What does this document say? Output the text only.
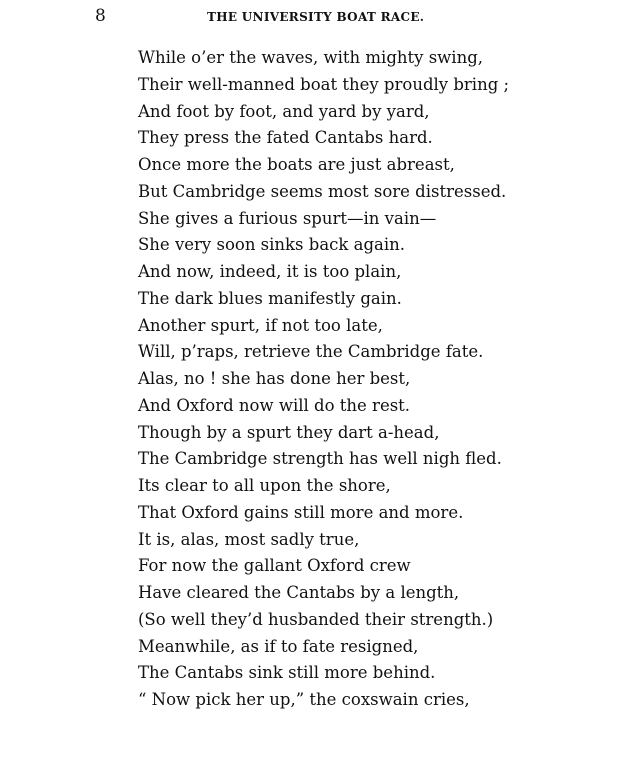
8	THE UNIVERSITY BOAT RACE.
While o’er the waves, with mighty swing,
Their well-manned boat they proudly bring ;
And foot by foot, and yard by yard,
They press the fated Cantabs hard.
Once more the boats are just abreast,
But Cambridge seems most sore distressed.
She gives a furious spurt—in vain—
She very soon sinks back again.
And now, indeed, it is too plain,
The dark blues manifestly gain.
Another spurt, if not too late,
Will, p’raps, retrieve the Cambridge fate.
Alas, no ! she has done her best,
And Oxford now will do the rest.
Though by a spurt they dart a-head,
The Cambridge strength has well nigh fled.
Its clear to all upon the shore,
That Oxford gains still more and more.
It is, alas, most sadly true,
For now the gallant Oxford crew
Have cleared the Cantabs by a length,
(So well they’d husbanded their strength.)
Meanwhile, as if to fate resigned,
The Cantabs sink still more behind.
“ Now pick her up,” the coxswain cries,
